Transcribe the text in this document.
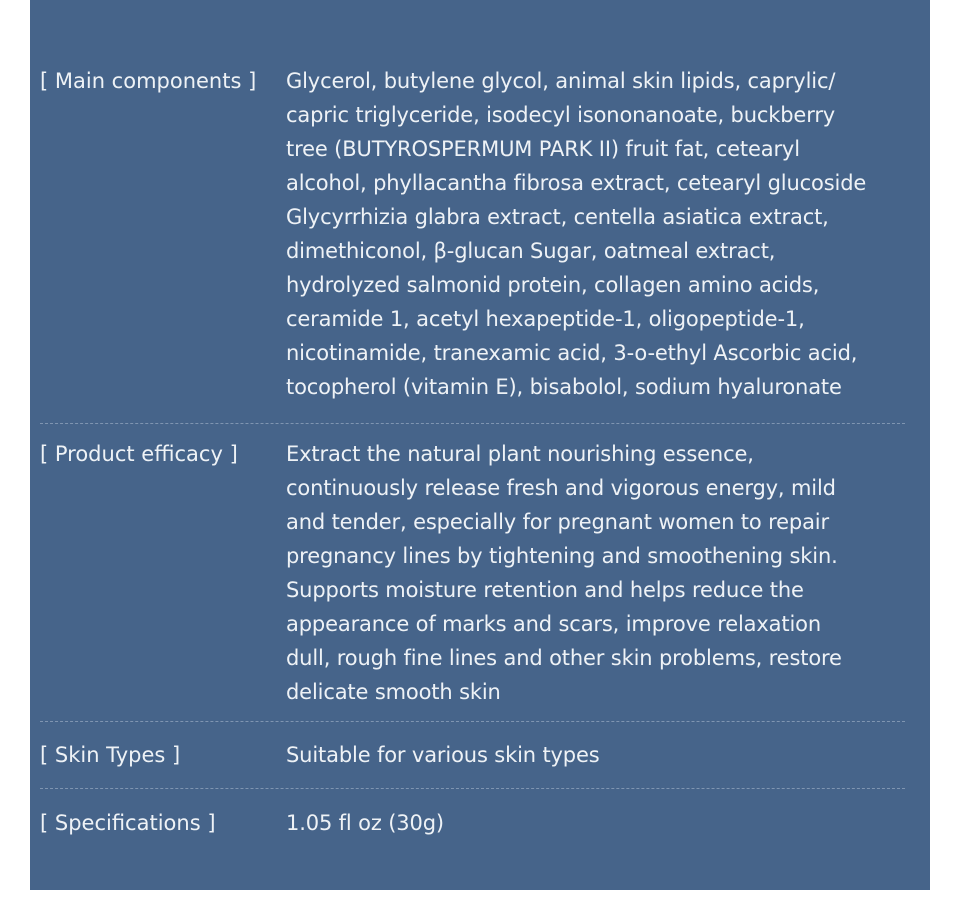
[ Main components ] Glycerol, butylene glycol, animal skin lipids, caprylic/
capric triglyceride, isodecyl isononanoate, buckberry
tree (BUTYROSPERMUM PARK II) fruit fat, cetearyl
alcohol, phyllacantha fibrosa extract, cetearyl glucoside
Glycyrrhizia glabra extract, centella asiatica extract,
dimethiconol, β-glucan Sugar, oatmeal extract,
hydrolyzed salmonid protein, collagen amino acids,
ceramide 1, acetyl hexapeptide-1, oligopeptide-1,
nicotinamide, tranexamic acid, 3-o-ethyl Ascorbic acid,
tocopherol (vitamin E), bisabolol, sodium hyaluronate
[ Product efficacy ] Extract the natural plant nourishing essence,
continuously release fresh and vigorous energy, mild
and tender, especially for pregnant women to repair
pregnancy lines by tightening and smoothening skin.
Supports moisture retention and helps reduce the
appearance of marks and scars, improve relaxation
dull, rough fine lines and other skin problems, restore
delicate smooth skin
[ Skin Types ]	Suitable for various skin types
[ Specifications ]	1.05 fl oz (30g)
